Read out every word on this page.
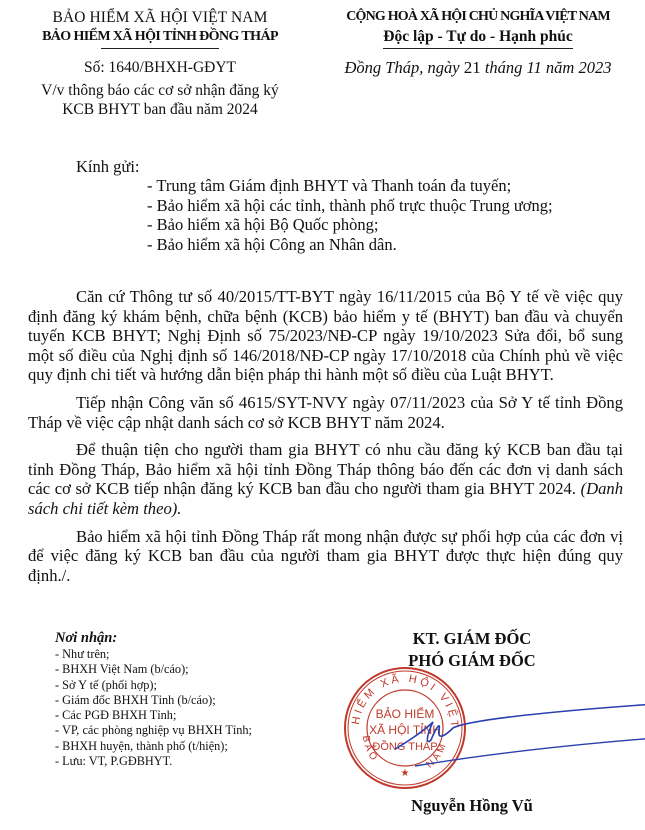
BẢO HIỂM XÃ HỘI VIỆT NAM
BẢO HIỂM XÃ HỘI TỈNH ĐỒNG THÁP
Số: 1640/BHXH-GĐYT
V/v thông báo các cơ sở nhận đăng ký
KCB BHYT ban đầu năm 2024
CỘNG HOÀ XÃ HỘI CHỦ NGHĨA VIỆT NAM
Độc lập - Tự do - Hạnh phúc
Đồng Tháp, ngày 21 tháng 11 năm 2023
Kính gửi:
- Trung tâm Giám định BHYT và Thanh toán đa tuyến;
- Bảo hiểm xã hội các tỉnh, thành phố trực thuộc Trung ương;
- Bảo hiểm xã hội Bộ Quốc phòng;
- Bảo hiểm xã hội Công an Nhân dân.

Căn cứ Thông tư số 40/2015/TT-BYT ngày 16/11/2015 của Bộ Y tế về việc quy định đăng ký khám bệnh, chữa bệnh (KCB) bảo hiểm y tế (BHYT) ban đầu và chuyển tuyến KCB BHYT; Nghị Định số 75/2023/NĐ-CP ngày 19/10/2023 Sửa đổi, bổ sung một số điều của Nghị định số 146/2018/NĐ-CP ngày 17/10/2018 của Chính phủ về việc quy định chi tiết và hướng dẫn biện pháp thi hành một số điều của Luật BHYT.

Tiếp nhận Công văn số 4615/SYT-NVY ngày 07/11/2023 của Sở Y tế tỉnh Đồng Tháp về việc cập nhật danh sách cơ sở KCB BHYT năm 2024.

Để thuận tiện cho người tham gia BHYT có nhu cầu đăng ký KCB ban đầu tại tỉnh Đồng Tháp, Bảo hiểm xã hội tỉnh Đồng Tháp thông báo đến các đơn vị danh sách các cơ sở KCB tiếp nhận đăng ký KCB ban đầu cho người tham gia BHYT 2024. (Danh sách chi tiết kèm theo).

Bảo hiểm xã hội tỉnh Đồng Tháp rất mong nhận được sự phối hợp của các đơn vị để việc đăng ký KCB ban đầu của người tham gia BHYT được thực hiện đúng quy định./.

Nơi nhận:
- Như trên;
- BHXH Việt Nam (b/cáo);
- Sở Y tế (phối hợp);
- Giám đốc BHXH Tỉnh (b/cáo);
- Các PGĐ BHXH Tỉnh;
- VP, các phòng nghiệp vụ BHXH Tỉnh;
- BHXH huyện, thành phố (t/hiện);
- Lưu: VT, P.GĐBHYT.
KT. GIÁM ĐỐC
PHÓ GIÁM ĐỐC
HIỂM XÃ HỘI VIỆT
BẢO	NAM
BẢO HIỂM
XÃ HỘI TỈNH
ĐỒNG THÁP
★
Nguyễn Hồng Vũ
